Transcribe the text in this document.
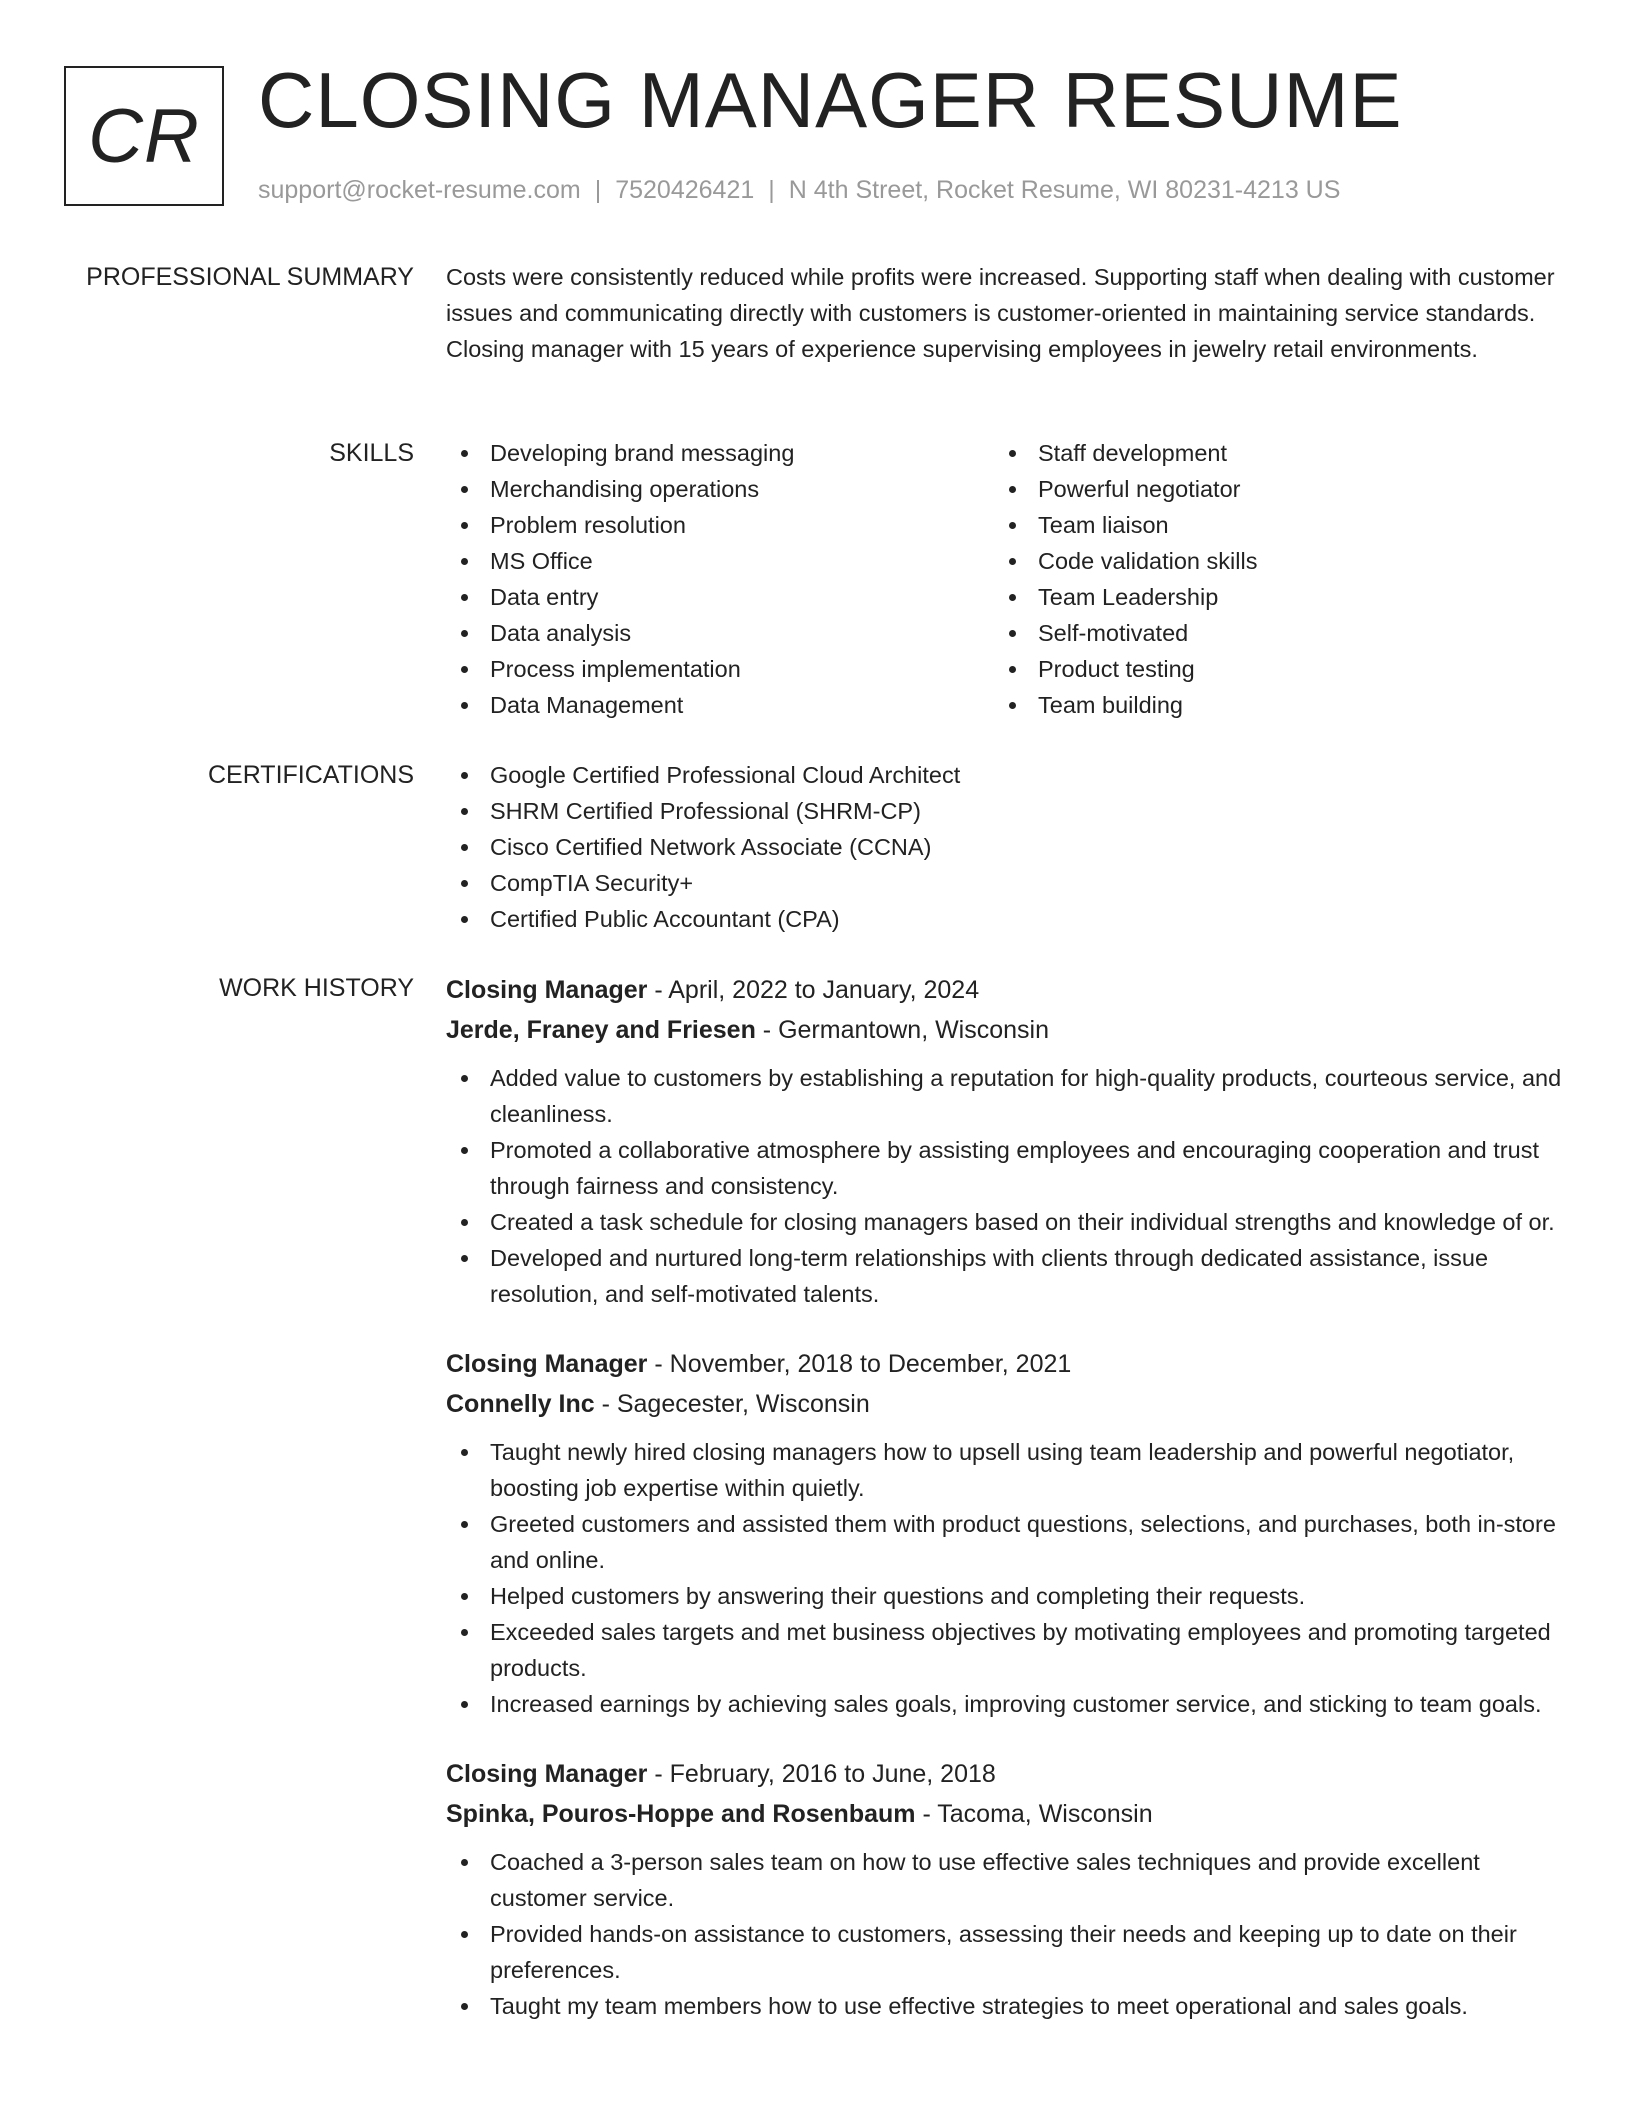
CR CLOSING MANAGER RESUME
support@rocket-resume.com | 7520426421 | N 4th Street, Rocket Resume, WI 80231-4213 US
PROFESSIONAL SUMMARY Costs were consistently reduced while profits were increased. Supporting staff when dealing with customer issues and communicating directly with customers is customer-oriented in maintaining service standards. Closing manager with 15 years of experience supervising employees in jewelry retail environments.

SKILLS	Developing brand messaging
Merchandising operations
Problem resolution
MS Office
Data entry
Data analysis
Process implementation
Data Management
Staff development
Powerful negotiator
Team liaison
Code validation skills
Team Leadership
Self-motivated
Product testing
Team building
CERTIFICATIONS	Google Certified Professional Cloud Architect
SHRM Certified Professional (SHRM-CP)
Cisco Certified Network Associate (CCNA)
CompTIA Security+
Certified Public Accountant (CPA)
WORK HISTORY Closing Manager - April, 2022 to January, 2024
Jerde, Franey and Friesen - Germantown, Wisconsin
Added value to customers by establishing a reputation for high-quality products, courteous service, and cleanliness.
Promoted a collaborative atmosphere by assisting employees and encouraging cooperation and trust through fairness and consistency.
Created a task schedule for closing managers based on their individual strengths and knowledge of or.
Developed and nurtured long-term relationships with clients through dedicated assistance, issue resolution, and self-motivated talents.
Closing Manager - November, 2018 to December, 2021
Connelly Inc - Sagecester, Wisconsin
Taught newly hired closing managers how to upsell using team leadership and powerful negotiator, boosting job expertise within quietly.
Greeted customers and assisted them with product questions, selections, and purchases, both in-store and online.
Helped customers by answering their questions and completing their requests.
Exceeded sales targets and met business objectives by motivating employees and promoting targeted products.
Increased earnings by achieving sales goals, improving customer service, and sticking to team goals.
Closing Manager - February, 2016 to June, 2018
Spinka, Pouros-Hoppe and Rosenbaum - Tacoma, Wisconsin
Coached a 3-person sales team on how to use effective sales techniques and provide excellent customer service.
Provided hands-on assistance to customers, assessing their needs and keeping up to date on their preferences.
Taught my team members how to use effective strategies to meet operational and sales goals.
